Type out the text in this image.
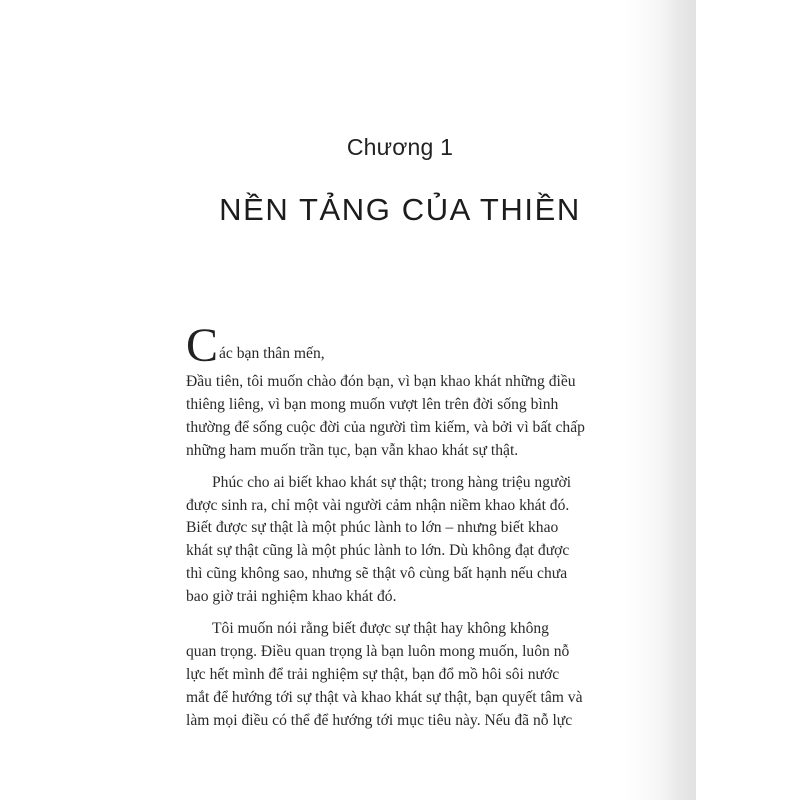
Chương 1
NỀN TẢNG CỦA THIỀN

Các bạn thân mến,

Đầu tiên, tôi muốn chào đón bạn, vì bạn khao khát những điều
thiêng liêng, vì bạn mong muốn vượt lên trên đời sống bình
thường để sống cuộc đời của người tìm kiếm, và bởi vì bất chấp
những ham muốn trần tục, bạn vẫn khao khát sự thật.

Phúc cho ai biết khao khát sự thật; trong hàng triệu người
được sinh ra, chỉ một vài người cảm nhận niềm khao khát đó.
Biết được sự thật là một phúc lành to lớn – nhưng biết khao
khát sự thật cũng là một phúc lành to lớn. Dù không đạt được
thì cũng không sao, nhưng sẽ thật vô cùng bất hạnh nếu chưa
bao giờ trải nghiệm khao khát đó.

Tôi muốn nói rằng biết được sự thật hay không không
quan trọng. Điều quan trọng là bạn luôn mong muốn, luôn nỗ
lực hết mình để trải nghiệm sự thật, bạn đổ mồ hôi sôi nước
mắt để hướng tới sự thật và khao khát sự thật, bạn quyết tâm và
làm mọi điều có thể để hướng tới mục tiêu này. Nếu đã nỗ lực
